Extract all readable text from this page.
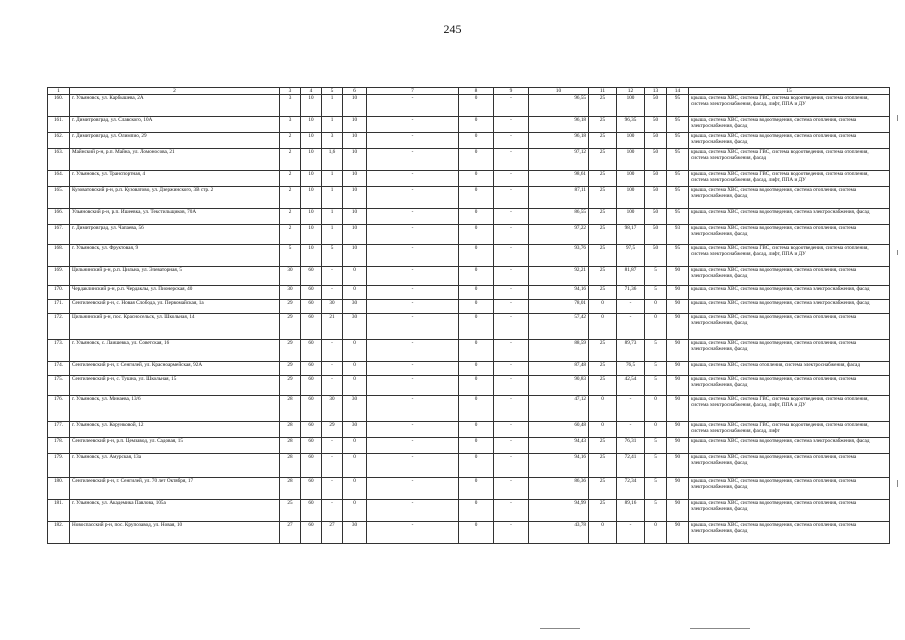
245
1	2	3	4	5	6	7	8	9	10	11	12	13	14	15
160.	г. Ульяновск, ул. Карбышева, 2А	3	10	1	10	-	0	-	96,55	25	100	50	95	крыша, система ХВС, система ГВС, система водоотведения, система отопления, система электроснабжения, фасад, лифт, ППА и ДУ
161.	г. Димитровград, ул. Славского, 10А	3	10	1	10	-	0	-	96,18	25	96,35	50	95	крыша, система ХВС, система водоотведения, система отопления, система электроснабжения, фасад
162.	г. Димитровград, ул. Олимпио, 29	2	10	3	10	-	0	-	96,18	25	100	50	95	крыша, система ХВС, система водоотведения, система отопления, система электроснабжения, фасад
163.	Майнский р-н, р.п. Майна, ул. Ломоносова, 21	2	10	1,6	10	-	0	-	97,12	25	100	50	95	крыша, система ХВС, система ГВС, система водоотведения, система отопления, система электроснабжения, фасад
164.	г. Ульяновск, ул. Транспортная, 4	2	10	1	10	-	0	-	98,61	25	100	50	95	крыша, система ХВС, система ГВС, система водоотведения, система отопления, система электроснабжения, фасад, лифт, ППА и ДУ
165.	Кузоватовский р-н, р.п. Кузоватово, ул. Дзержинского, 3В стр. 2	2	10	1	10	-	0	-	87,11	25	100	50	95	крыша, система ХВС, система водоотведения, система отопления, система электроснабжения, фасад
166.	Ульяновский р-н, р.п. Ишеевка, ул. Текстильщиков, 70А	2	10	1	10	-	0	-	86,55	25	100	50	95	крыша, система ХВС, система водоотведения, система электроснабжения, фасад
167.	г. Димитровград, ул. Чапаева, 56	2	10	1	10	-	0	-	97,22	25	98,17	50	93	крыша, система ХВС, система водоотведения, система отопления, система электроснабжения, фасад
168.	г. Ульяновск, ул. Фруктовая, 9	5	10	5	10	-	0	-	93,76	25	97,5	50	95	крыша, система ХВС, система ГВС, система водоотведения, система отопления, система электроснабжения, фасад, лифт, ППА и ДУ
169.	Цильнинский р-н, р.п. Цильна, ул. Элеваторная, 5	30	60	-	0	-	0	-	92,21	25	81,87	5	90	крыша, система ХВС, система водоотведения, система отопления, система электроснабжения, фасад
170.	Чердаклинский р-н, р.п. Чердаклы, ул. Пионерская, 40	30	60	-	0	-	0	-	94,16	25	71,36	5	90	крыша, система ХВС, система водоотведения, система электроснабжения, фасад
171.	Сенгилеевский р-н, с. Новая Слобода, ул. Первомайская, 1а	29	60	30	30	-	0	-	78,01	0	-	0	90	крыша, система ХВС, система водоотведения, система электроснабжения, фасад
172.	Цильнинский р-н, пос. Красносельск, ул. Школьная, 14	29	60	21	30	-	0	-	57,42	0	-	0	90	крыша, система ХВС, система водоотведения, система отопления, система электроснабжения, фасад
173.	г. Ульяновск, с. Лаишевка, ул. Советская, 16	29	60	-	0	-	0	-	88,59	25	89,73	5	90	крыша, система ХВС, система водоотведения, система отопления, система электроснабжения, фасад
174.	Сенгилеевский р-н, г. Сенгилей, ул. Красноармейская, 92А	29	60	-	0	-	0	-	87,48	25	76,5	5	90	крыша, система ХВС, система отопления, система электроснабжения, фасад
175.	Сенгилеевский р-н, с. Тушна, ул. Школьная, 15	29	60	-	0	-	0	-	90,83	25	42,54	5	90	крыша, система ХВС, система водоотведения, система отопления, система электроснабжения, фасад
176.	г. Ульяновск, ул. Минаева, 13/6	28	60	30	30	-	0	-	47,12	0	-	0	90	крыша, система ХВС, система ГВС, система водоотведения, система отопления, система электроснабжения, фасад, лифт, ППА и ДУ
177.	г. Ульяновск, ул. Корунковой, 12	28	60	29	30	-	0	-	60,48	0	-	0	90	крыша, система ХВС, система ГВС, система водоотведения, система отопления, система электроснабжения, фасад, лифт
178.	Сенгилеевский р-н, р.п. Цемзавод, ул. Садовая, 15	28	60	-	0	-	0	-	94,43	25	76,31	5	90	крыша, система ХВС, система водоотведения, система электроснабжения, фасад
179.	г. Ульяновск, ул. Амурская, 13а	28	60	-	0	-	0	-	94,16	25	72,41	5	90	крыша, система ХВС, система водоотведения, система отопления, система электроснабжения, фасад
180.	Сенгилеевский р-н, г. Сенгилей, ул. 70 лет Октября, 17	28	60	-	0	-	0	-	86,36	25	72,34	5	90	крыша, система ХВС, система водоотведения, система отопления, система электроснабжения, фасад
181.	г. Ульяновск, ул. Академика Павлова, 105а	25	60	-	0	-	0	-	94,99	25	89,16	5	90	крыша, система ХВС, система водоотведения, система отопления, система электроснабжения, фасад
182.	Новоспасский р-н, пос. Крупозавод, ул. Новая, 10	27	60	27	30	-	0	-	43,78	0	-	0	90	крыша, система ХВС, система водоотведения, система отопления, система электроснабжения, фасад
